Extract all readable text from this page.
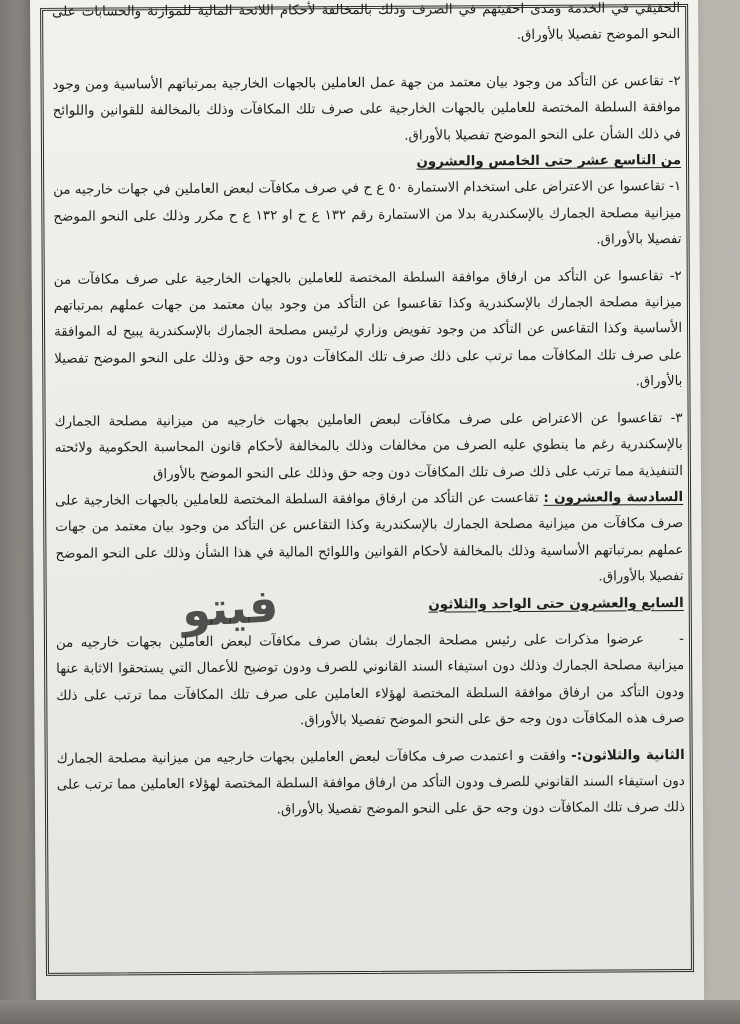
الحقيقي في الخدمة ومدى احقيتهم في الصرف وذلك بالمخالفة لأحكام اللائحة المالية للموازنة والحسابات على النحو الموضح تفصيلا بالأوراق.

٢- تقاعس عن التأكد من وجود بيان معتمد من جهة عمل العاملين بالجهات الخارجية بمرتباتهم الأساسية ومن وجود موافقة السلطة المختصة للعاملين بالجهات الخارجية على صرف تلك المكافآت وذلك بالمخالفة للقوانين واللوائح في ذلك الشأن على النحو الموضح تفصيلا بالأوراق.

من التاسع عشر حتى الخامس والعشرون

١- تقاعسوا عن الاعتراض على استخدام الاستمارة ٥٠ ع ح في صرف مكافآت لبعض العاملين في جهات خارجيه من ميزانية مصلحة الجمارك بالإسكندرية بدلا من الاستمارة رقم ١٣٢ ع ح او ١٣٢ ع ح مكرر وذلك على النحو الموضح تفصيلا بالأوراق.

٢- تقاعسوا عن التأكد من ارفاق موافقة السلطة المختصة للعاملين بالجهات الخارجية على صرف مكافآت من ميزانية مصلحة الجمارك بالإسكندرية وكذا تقاعسوا عن التأكد من وجود بيان معتمد من جهات عملهم بمرتباتهم الأساسية وكذا التقاعس عن التأكد من وجود تفويض وزاري لرئيس مصلحة الجمارك بالإسكندرية يبيح له الموافقة على صرف تلك المكافآت مما ترتب على ذلك صرف تلك المكافآت دون وجه حق وذلك على النحو الموضح تفصيلا بالأوراق.

٣- تقاعسوا عن الاعتراض على صرف مكافآت لبعض العاملين بجهات خارجيه من ميزانية مصلحة الجمارك بالإسكندرية رغم ما ينطوي عليه الصرف من مخالفات وذلك بالمخالفة لأحكام قانون المحاسبة الحكومية ولائحته التنفيذية مما ترتب على ذلك صرف تلك المكافآت دون وجه حق وذلك على النحو الموضح بالأوراق

السادسة والعشرون : تقاعست عن التأكد من ارفاق موافقة السلطة المختصة للعاملين بالجهات الخارجية على صرف مكافآت من ميزانية مصلحة الجمارك بالإسكندرية وكذا التقاعس عن التأكد من وجود بيان معتمد من جهات عملهم بمرتباتهم الأساسية وذلك بالمخالفة لأحكام القوانين واللوائح المالية في هذا الشأن وذلك على النحو الموضح تفصيلا بالأوراق.

السابع والعشرون حتى الواحد والثلاثون

-عرضوا مذكرات على رئيس مصلحة الجمارك بشان صرف مكافآت لبعض العاملين بجهات خارجيه من ميزانية مصلحة الجمارك وذلك دون استيفاء السند القانوني للصرف ودون توضيح للأعمال التي يستحقوا الاثابة عنها ودون التأكد من ارفاق موافقة السلطة المختصة لهؤلاء العاملين على صرف تلك المكافآت مما ترتب على ذلك صرف هذه المكافآت دون وجه حق على النحو الموضح تفصيلا بالأوراق.

الثانية والثلاثون:- وافقت و اعتمدت صرف مكافآت لبعض العاملين بجهات خارجيه من ميزانية مصلحة الجمارك دون استيفاء السند القانوني للصرف ودون التأكد من ارفاق موافقة السلطة المختصة لهؤلاء العاملين مما ترتب على ذلك صرف تلك المكافآت دون وجه حق على النحو الموضح تفصيلا بالأوراق.

فيتو
